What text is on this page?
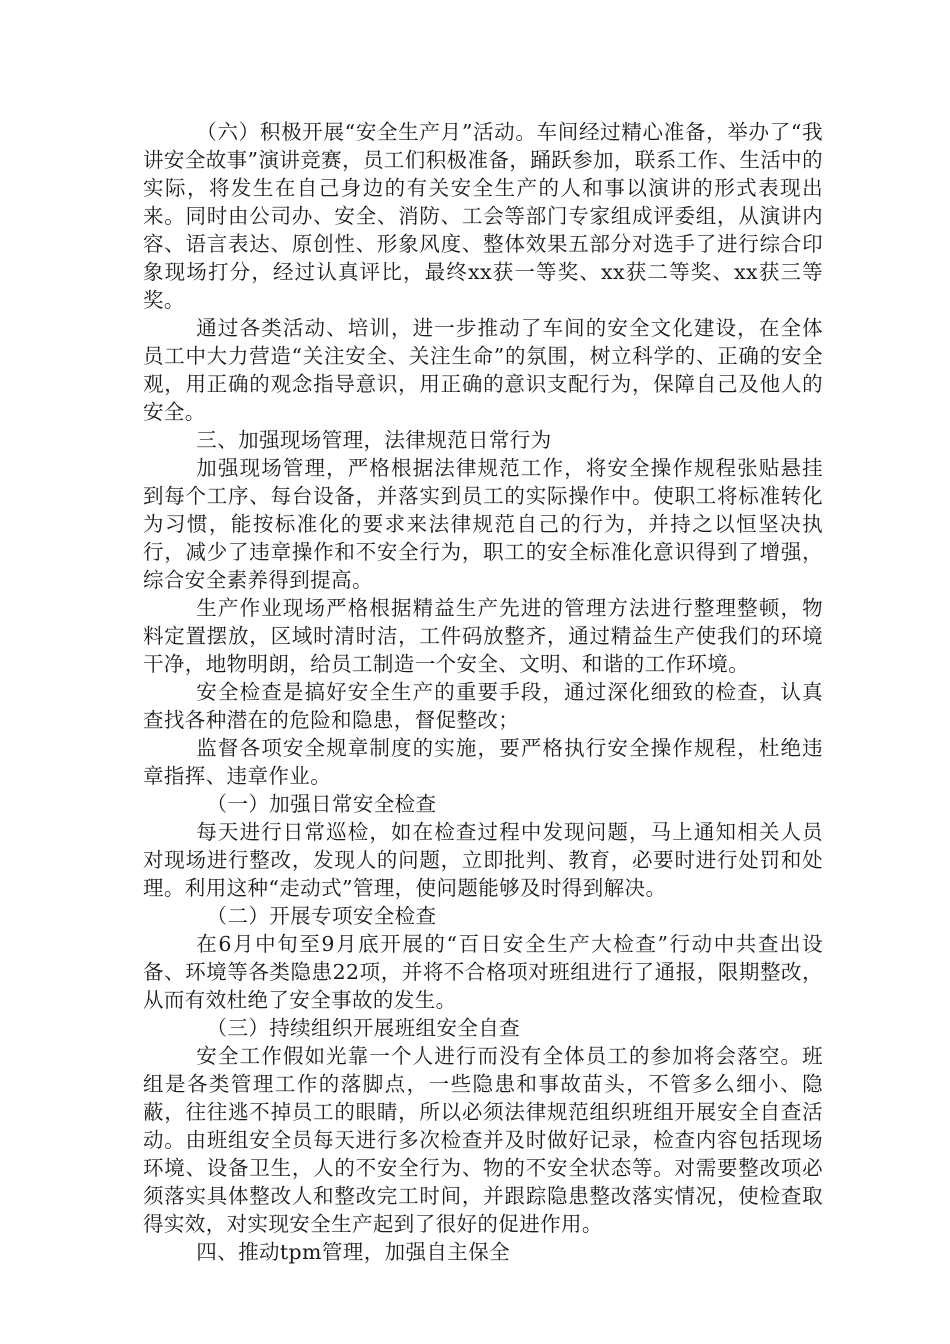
（六）积极开展“安全生产月”活动。车间经过精心准备，举办了“我讲安全故事”演讲竞赛，员工们积极准备，踊跃参加，联系工作、生活中的实际，将发生在自己身边的有关安全生产的人和事以演讲的形式表现出来。同时由公司办、安全、消防、工会等部门专家组成评委组，从演讲内容、语言表达、原创性、形象风度、整体效果五部分对选手了进行综合印象现场打分，经过认真评比，最终xx获一等奖、xx获二等奖、xx获三等奖。

通过各类活动、培训，进一步推动了车间的安全文化建设，在全体员工中大力营造“关注安全、关注生命”的氛围，树立科学的、正确的安全观，用正确的观念指导意识，用正确的意识支配行为，保障自己及他人的安全。

三、加强现场管理，法律规范日常行为

加强现场管理，严格根据法律规范工作，将安全操作规程张贴悬挂到每个工序、每台设备，并落实到员工的实际操作中。使职工将标准转化为习惯，能按标准化的要求来法律规范自己的行为，并持之以恒坚决执行，减少了违章操作和不安全行为，职工的安全标准化意识得到了增强，综合安全素养得到提高。

生产作业现场严格根据精益生产先进的管理方法进行整理整顿，物料定置摆放，区域时清时洁，工件码放整齐，通过精益生产使我们的环境干净，地物明朗，给员工制造一个安全、文明、和谐的工作环境。

安全检查是搞好安全生产的重要手段，通过深化细致的检查，认真查找各种潜在的危险和隐患，督促整改；

监督各项安全规章制度的实施，要严格执行安全操作规程，杜绝违章指挥、违章作业。

（一）加强日常安全检查

每天进行日常巡检，如在检查过程中发现问题，马上通知相关人员对现场进行整改，发现人的问题，立即批判、教育，必要时进行处罚和处理。利用这种“走动式”管理，使问题能够及时得到解决。

（二）开展专项安全检查

在6月中旬至9月底开展的“百日安全生产大检查”行动中共查出设备、环境等各类隐患22项，并将不合格项对班组进行了通报，限期整改，从而有效杜绝了安全事故的发生。

（三）持续组织开展班组安全自查

安全工作假如光靠一个人进行而没有全体员工的参加将会落空。班组是各类管理工作的落脚点，一些隐患和事故苗头，不管多么细小、隐蔽，往往逃不掉员工的眼睛，所以必须法律规范组织班组开展安全自查活动。由班组安全员每天进行多次检查并及时做好记录，检查内容包括现场环境、设备卫生，人的不安全行为、物的不安全状态等。对需要整改项必须落实具体整改人和整改完工时间，并跟踪隐患整改落实情况，使检查取得实效，对实现安全生产起到了很好的促进作用。

四、推动tpm管理，加强自主保全
